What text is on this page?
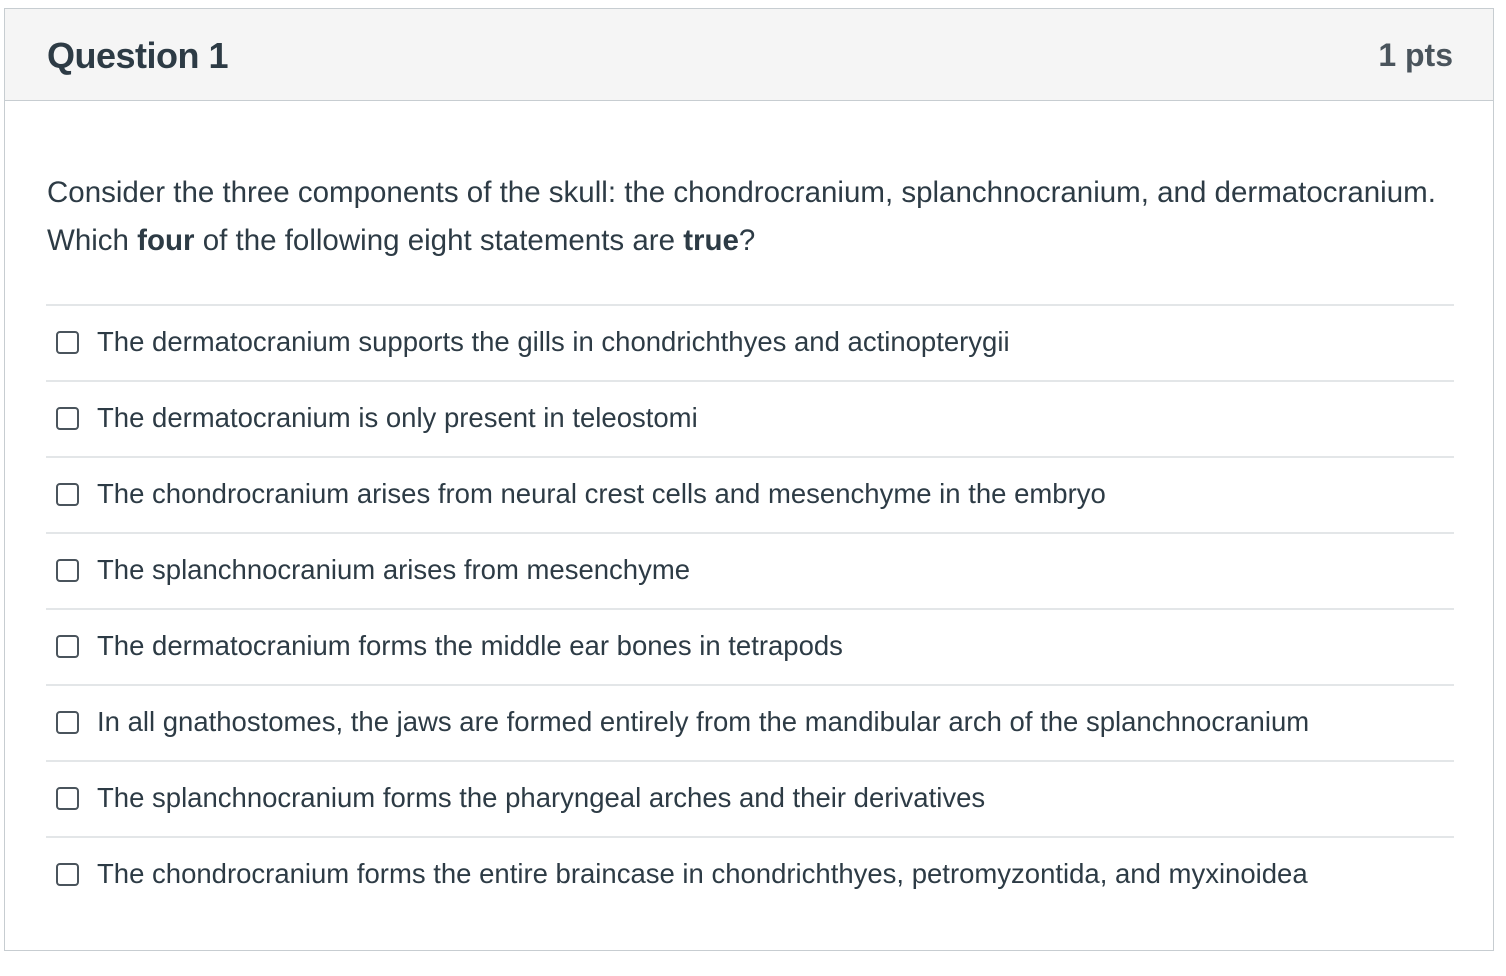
Question 1	1 pts
Consider the three components of the skull: the chondrocranium, splanchnocranium, and dermatocranium. Which four of the following eight statements are true?
The dermatocranium supports the gills in chondrichthyes and actinopterygii
The dermatocranium is only present in teleostomi
The chondrocranium arises from neural crest cells and mesenchyme in the embryo
The splanchnocranium arises from mesenchyme
The dermatocranium forms the middle ear bones in tetrapods
In all gnathostomes, the jaws are formed entirely from the mandibular arch of the splanchnocranium
The splanchnocranium forms the pharyngeal arches and their derivatives
The chondrocranium forms the entire braincase in chondrichthyes, petromyzontida, and myxinoidea
